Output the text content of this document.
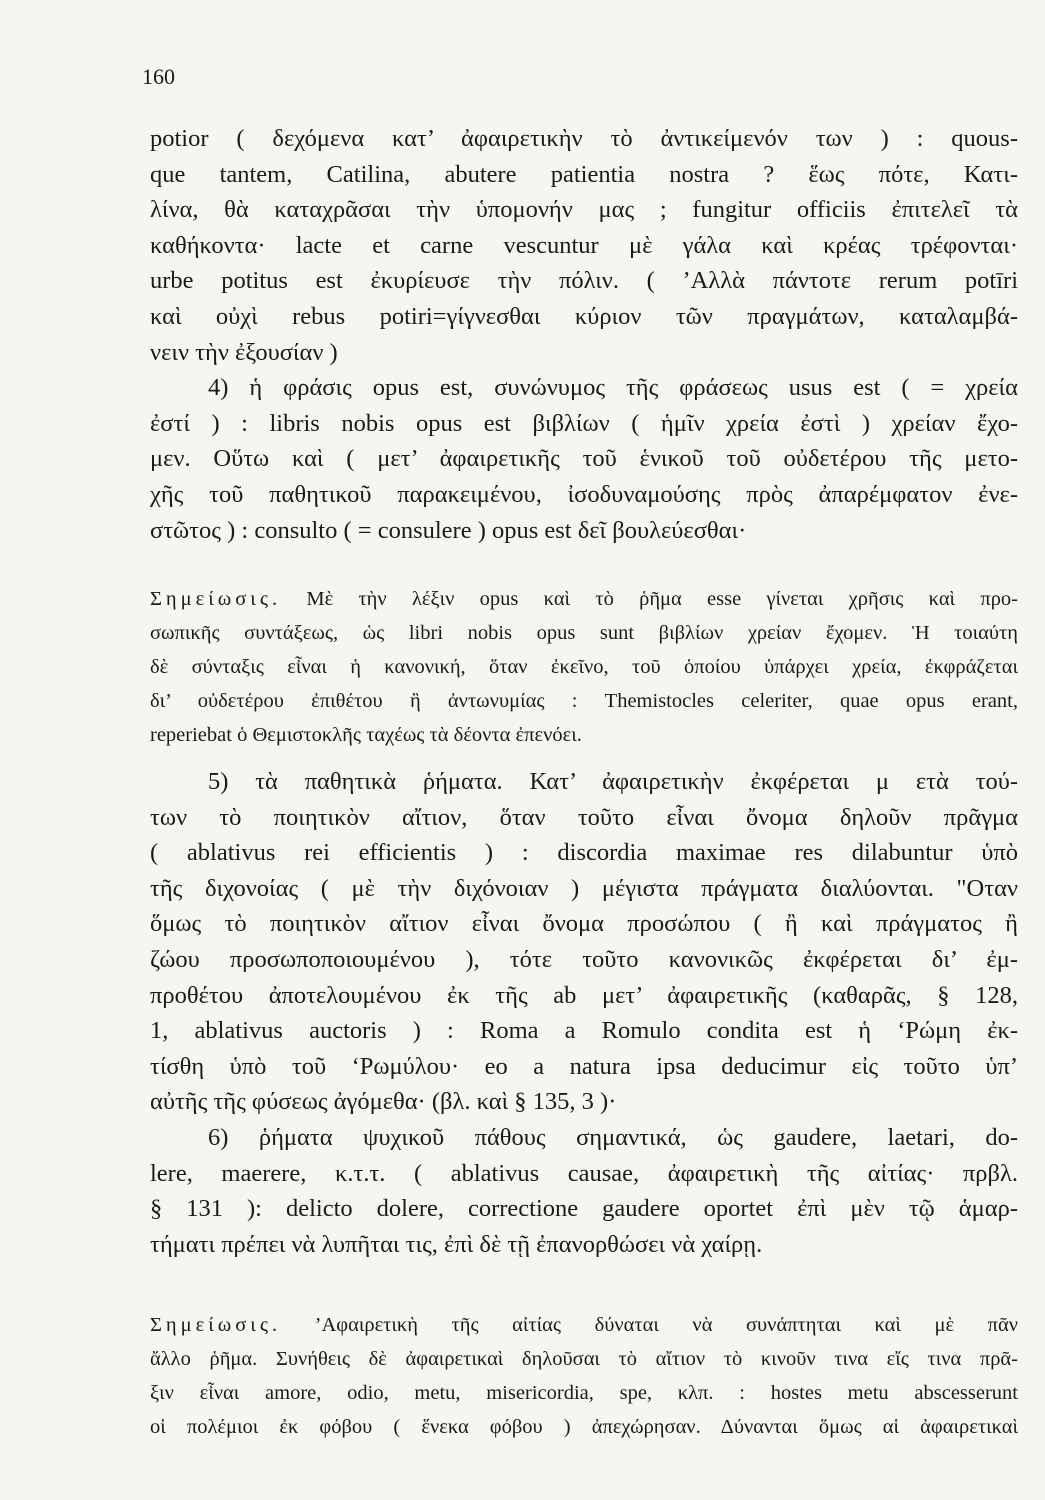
160
potior ( δεχόμενα κατ’ ἀφαιρετικὴν τὸ ἀντικείμενόν των ) : quous-
que tantem, Catilina, abutere patientia nostra ? ἕως πότε, Κατι-
λίνα, θὰ καταχρᾶσαι τὴν ὑπομονήν μας ; fungitur officiis ἐπιτελεῖ τὰ
καθήκοντα· lacte et carne vescuntur μὲ γάλα καὶ κρέας τρέφονται·
urbe potitus est ἐκυρίευσε τὴν πόλιν. ( ’Αλλὰ πάντοτε rerum potīri
καὶ οὐχὶ rebus potiri=γίγνεσθαι κύριον τῶν πραγμάτων, καταλαμβά-
νειν τὴν ἐξουσίαν )
4) ἡ φράσις opus est, συνώνυμος τῆς φράσεως usus est ( = χρεία
ἐστί ) : libris nobis opus est βιβλίων ( ἡμῖν χρεία ἐστὶ ) χρείαν ἔχο-
μεν. Οὕτω καὶ ( μετ’ ἀφαιρετικῆς τοῦ ἑνικοῦ τοῦ οὐδετέρου τῆς μετο-
χῆς τοῦ παθητικοῦ παρακειμένου, ἰσοδυναμούσης πρὸς ἀπαρέμφατον ἐνε-
στῶτος ) : consulto ( = consulere ) opus est δεῖ βουλεύεσθαι·
Σημείωσις. Μὲ τὴν λέξιν opus καὶ τὸ ῥῆμα esse γίνεται χρῆσις καὶ προ-
σωπικῆς συντάξεως, ὡς libri nobis opus sunt βιβλίων χρείαν ἔχομεν. Ἡ τοιαύτη
δὲ σύνταξις εἶναι ἡ κανονική, ὅταν ἐκεῖνο, τοῦ ὁποίου ὑπάρχει χρεία, ἐκφράζεται
δι’ οὐδετέρου ἐπιθέτου ἢ ἀντωνυμίας : Themistocles celeriter, quae opus erant,
reperiebat ὁ Θεμιστοκλῆς ταχέως τὰ δέοντα ἐπενόει.
5) τὰ παθητικὰ ῥήματα. Κατ’ ἀφαιρετικὴν ἐκφέρεται μ ετὰ τού-
των τὸ ποιητικὸν αἴτιον, ὅταν τοῦτο εἶναι ὄνομα δηλοῦν πρᾶγμα
( ablativus rei efficientis ) : discordia maximae res dilabuntur ὑπὸ
τῆς διχονοίας ( μὲ τὴν διχόνοιαν ) μέγιστα πράγματα διαλύονται. "Οταν
ὅμως τὸ ποιητικὸν αἴτιον εἶναι ὄνομα προσώπου ( ἢ καὶ πράγματος ἢ
ζώου προσωποποιουμένου ), τότε τοῦτο κανονικῶς ἐκφέρεται δι’ ἐμ-
προθέτου ἀποτελουμένου ἐκ τῆς ab μετ’ ἀφαιρετικῆς (καθαρᾶς, § 128,
1, ablativus auctoris ) : Roma a Romulo condita est ἡ ‘Ρώμη ἐκ-
τίσθη ὑπὸ τοῦ ‘Ρωμύλου· eo a natura ipsa deducimur εἰς τοῦτο ὑπ’
αὐτῆς τῆς φύσεως ἀγόμεθα· (βλ. καὶ § 135, 3 )·
6) ῥήματα ψυχικοῦ πάθους σημαντικά, ὡς gaudere, laetari, do-
lere, maerere, κ.τ.τ. ( ablativus causae, ἀφαιρετικὴ τῆς αἰτίας· πρβλ.
§ 131 ): delicto dolere, correctione gaudere oportet ἐπὶ μὲν τῷ ἁμαρ-
τήματι πρέπει νὰ λυπῆται τις, ἐπὶ δὲ τῇ ἐπανορθώσει νὰ χαίρῃ.
Σημείωσις. ’Αφαιρετικὴ τῆς αἰτίας δύναται νὰ συνάπτηται καὶ μὲ πᾶν
ἄλλο ῥῆμα. Συνήθεις δὲ ἀφαιρετικαὶ δηλοῦσαι τὸ αἴτιον τὸ κινοῦν τινα εἴς τινα πρᾶ-
ξιν εἶναι amore, odio, metu, misericordia, spe, κλπ. : hostes metu abscesserunt
οἱ πολέμιοι ἐκ φόβου ( ἕνεκα φόβου ) ἀπεχώρησαν. Δύνανται ὅμως αἱ ἀφαιρετικαὶ
